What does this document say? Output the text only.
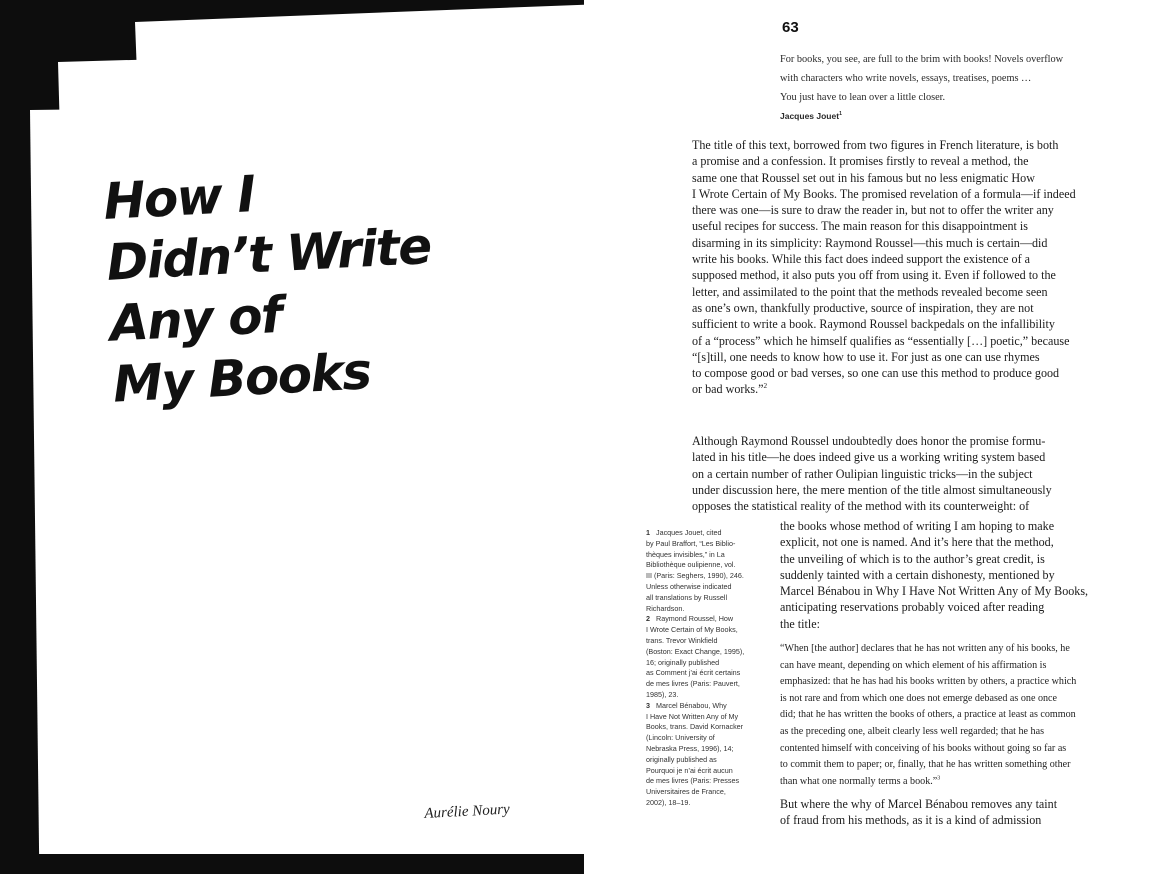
How I
Didn’t Write
Any of
My Books
Aurélie Noury
63
For books, you see, are full to the brim with books! Novels overflow
with characters who write novels, essays, treatises, poems …
You just have to lean over a little closer.
Jacques Jouet$^1$
The title of this text, borrowed from two figures in French literature, is both
a promise and a confession. It promises firstly to reveal a method, the
same one that Roussel set out in his famous but no less enigmatic How
I Wrote Certain of My Books. The promised revelation of a formula—if indeed
there was one—is sure to draw the reader in, but not to offer the writer any
useful recipes for success. The main reason for this disappointment is
disarming in its simplicity: Raymond Roussel—this much is certain—did
write his books. While this fact does indeed support the existence of a
supposed method, it also puts you off from using it. Even if followed to the
letter, and assimilated to the point that the methods revealed become seen
as one’s own, thankfully productive, source of inspiration, they are not
sufficient to write a book. Raymond Roussel backpedals on the infallibility
of a “process” which he himself qualifies as “essentially […] poetic,” because
“[s]till, one needs to know how to use it. For just as one can use rhymes
to compose good or bad verses, so one can use this method to produce good
or bad works.”$^2$
Although Raymond Roussel undoubtedly does honor the promise formu-
lated in his title—he does indeed give us a working writing system based
on a certain number of rather Oulipian linguistic tricks—in the subject
under discussion here, the mere mention of the title almost simultaneously
opposes the statistical reality of the method with its counterweight: of
1 Jacques Jouet, cited
by Paul Braffort, “Les Biblio-
thèques invisibles,” in La
Bibliothèque oulipienne, vol.
III (Paris: Seghers, 1990), 246.
Unless otherwise indicated
all translations by Russell
Richardson.
2 Raymond Roussel, How
I Wrote Certain of My Books,
trans. Trevor Winkfield
(Boston: Exact Change, 1995),
16; originally published
as Comment j’ai écrit certains
de mes livres (Paris: Pauvert,
1985), 23.
3 Marcel Bénabou, Why
I Have Not Written Any of My
Books, trans. David Kornacker
(Lincoln: University of
Nebraska Press, 1996), 14;
originally published as
Pourquoi je n’ai écrit aucun
de mes livres (Paris: Presses
Universitaires de France,
2002), 18–19.
the books whose method of writing I am hoping to make
explicit, not one is named. And it’s here that the method,
the unveiling of which is to the author’s great credit, is
suddenly tainted with a certain dishonesty, mentioned by
Marcel Bénabou in Why I Have Not Written Any of My Books,
anticipating reservations probably voiced after reading
the title:
“When [the author] declares that he has not written any of his books, he
can have meant, depending on which element of his affirmation is
emphasized: that he has had his books written by others, a practice which
is not rare and from which one does not emerge debased as one once
did; that he has written the books of others, a practice at least as common
as the preceding one, albeit clearly less well regarded; that he has
contented himself with conceiving of his books without going so far as
to commit them to paper; or, finally, that he has written something other
than what one normally terms a book.”$^3$
But where the why of Marcel Bénabou removes any taint
of fraud from his methods, as it is a kind of admission
